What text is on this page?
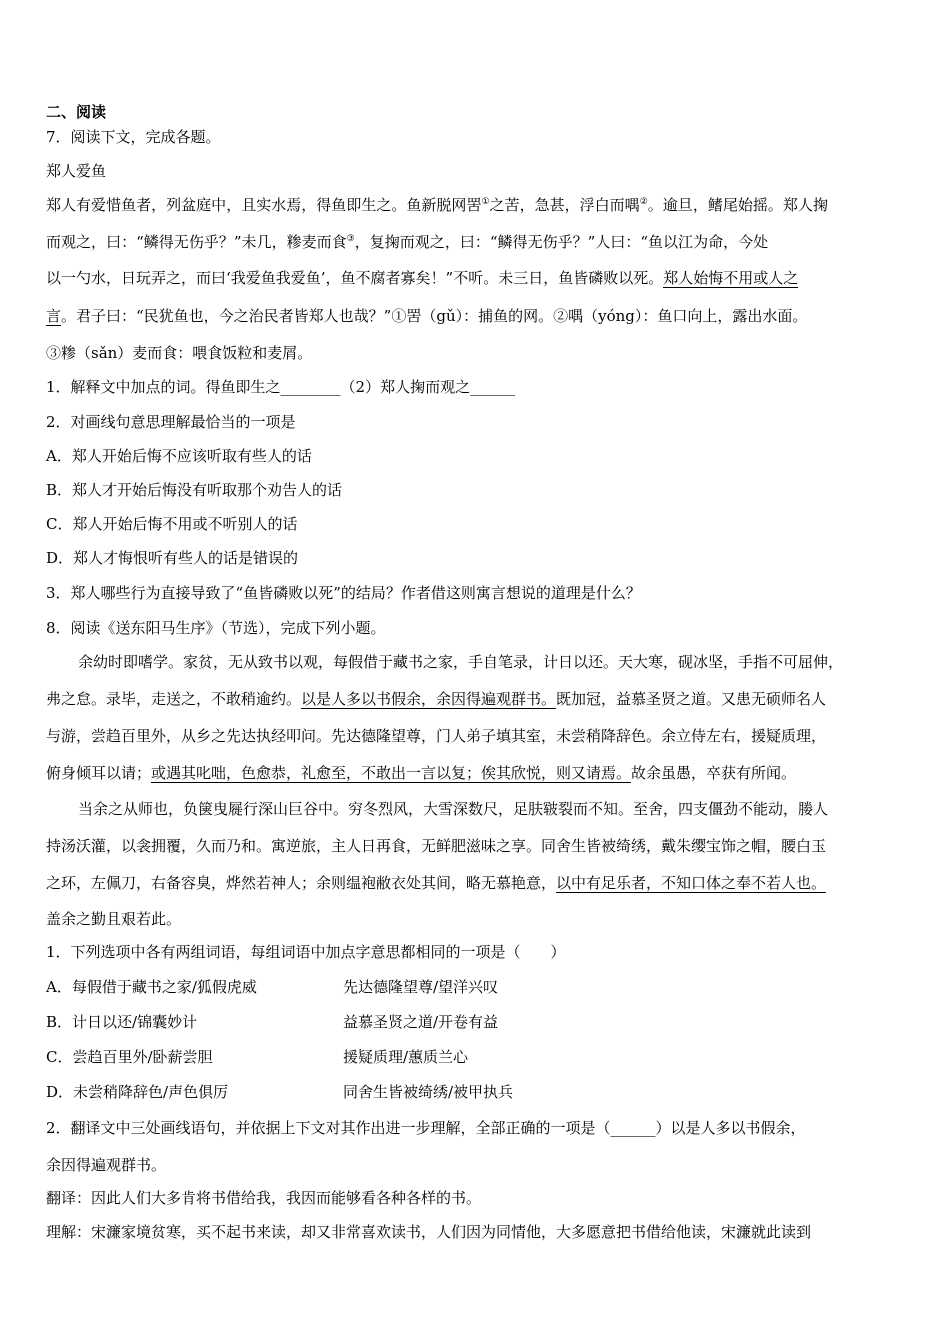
二、阅读
7．阅读下文，完成各题。
郑人爱鱼
郑人有爱惜鱼者，列盆庭中，且实水焉，得鱼即生之。鱼新脱网罟①之苦，急甚，浮白而喁②。逾旦，鳍尾始摇。郑人掬
而观之，曰：“鳞得无伤乎？”未几，糁麦而食③，复掬而观之，曰：“鳞得无伤乎？”人曰：“鱼以江为命，今处
以一勺水，日玩弄之，而曰‘我爱鱼我爱鱼’，鱼不腐者寡矣！”不听。未三日，鱼皆磷败以死。郑人始悔不用或人之
言。君子曰：“民犹鱼也，今之治民者皆郑人也哉？”①罟（gǔ）：捕鱼的网。②喁（yóng）：鱼口向上，露出水面。
③糁（sǎn）麦而食：喂食饭粒和麦屑。
1．解释文中加点的词。得鱼即生之________（2）郑人掬而观之______
2．对画线句意思理解最恰当的一项是
A．郑人开始后悔不应该听取有些人的话
B．郑人才开始后悔没有听取那个劝告人的话
C．郑人开始后悔不用或不听别人的话
D．郑人才悔恨听有些人的话是错误的
3．郑人哪些行为直接导致了“鱼皆磷败以死”的结局？作者借这则寓言想说的道理是什么？
8．阅读《送东阳马生序》（节选），完成下列小题。
余幼时即嗜学。家贫，无从致书以观，每假借于藏书之家，手自笔录，计日以还。天大寒，砚冰坚，手指不可屈伸，
弗之怠。录毕，走送之，不敢稍逾约。以是人多以书假余，余因得遍观群书。既加冠，益慕圣贤之道。又患无硕师名人
与游，尝趋百里外，从乡之先达执经叩问。先达德隆望尊，门人弟子填其室，未尝稍降辞色。余立侍左右，援疑质理，
俯身倾耳以请；或遇其叱咄，色愈恭，礼愈至，不敢出一言以复；俟其欣悦，则又请焉。故余虽愚，卒获有所闻。
当余之从师也，负箧曳屣行深山巨谷中。穷冬烈风，大雪深数尺，足肤皲裂而不知。至舍，四支僵劲不能动，媵人
持汤沃灌，以衾拥覆，久而乃和。寓逆旅，主人日再食，无鲜肥滋味之享。同舍生皆被绮绣，戴朱缨宝饰之帽，腰白玉
之环，左佩刀，右备容臭，烨然若神人；余则缊袍敝衣处其间，略无慕艳意，以中有足乐者，不知口体之奉不若人也。
盖余之勤且艰若此。
1．下列选项中各有两组词语，每组词语中加点字意思都相同的一项是（　　）
A．每假借于藏书之家/狐假虎威	先达德隆望尊/望洋兴叹
B．计日以还/锦囊妙计	益慕圣贤之道/开卷有益
C．尝趋百里外/卧薪尝胆	援疑质理/蕙质兰心
D．未尝稍降辞色/声色俱厉	同舍生皆被绮绣/被甲执兵
2．翻译文中三处画线语句，并依据上下文对其作出进一步理解，全部正确的一项是（______）以是人多以书假余，
余因得遍观群书。
翻译：因此人们大多肯将书借给我，我因而能够看各种各样的书。
理解：宋濂家境贫寒，买不起书来读，却又非常喜欢读书，人们因为同情他，大多愿意把书借给他读，宋濂就此读到
